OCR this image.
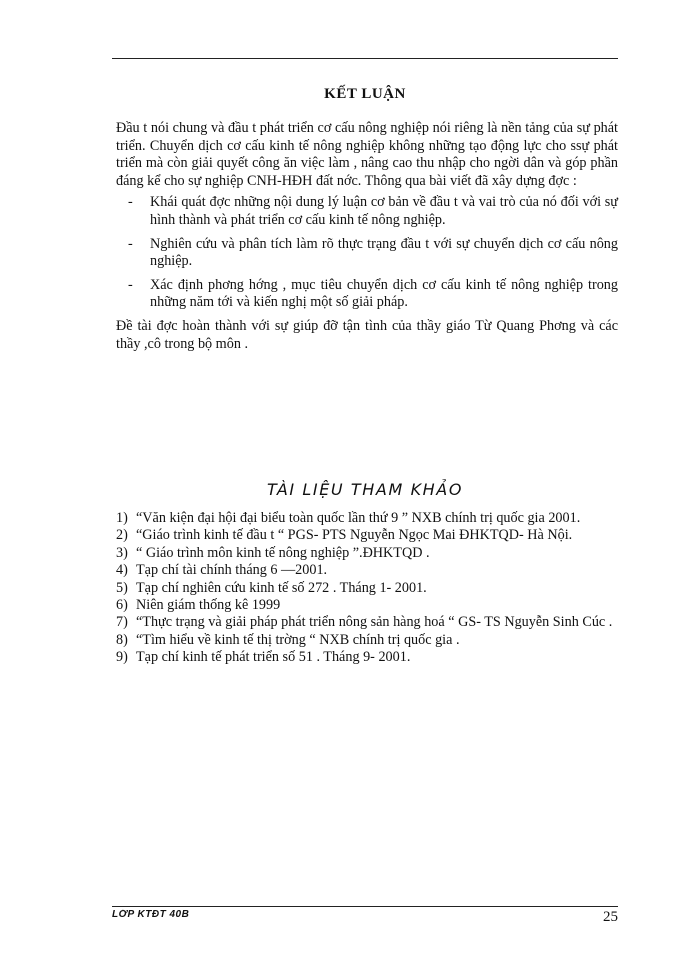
KẾT LUẬN

Đầu t nói chung và đầu t phát triển cơ cấu nông nghiệp nói riêng là nền tảng của sự phát triển. Chuyển dịch cơ cấu kinh tế nông nghiệp không những tạo động lực cho ssự phát triển mà còn giải quyết công ăn việc làm , nâng cao thu nhập cho ngời dân và góp phần đáng kể cho sự nghiệp CNH-HĐH đất nớc. Thông qua bài viết đã xây dựng đợc :

- Khái quát đợc những nội dung lý luận cơ bản về đầu t và vai trò của nó đối với sự hình thành và phát triển cơ cấu kinh tế nông nghiệp.
- Nghiên cứu và phân tích làm rõ thực trạng đầu t với sự chuyển dịch cơ cấu nông nghiệp.
- Xác định phơng hớng , mục tiêu chuyển dịch cơ cấu kinh tế nông nghiệp trong những năm tới và kiến nghị một số giải pháp.

Đề tài đợc hoàn thành với sự giúp đỡ tận tình của thầy giáo Từ Quang Phơng và các thầy ,cô trong bộ môn .

TÀI LIỆU THAM KHẢO
1) “Văn kiện đại hội đại biểu toàn quốc lần thứ 9 ” NXB chính trị quốc gia 2001.
2) “Giáo trình kinh tế đầu t “ PGS- PTS Nguyễn Ngọc Mai ĐHKTQD- Hà Nội.
3) “ Giáo trình môn kinh tế nông nghiệp ”.ĐHKTQD .
4) Tạp chí tài chính tháng 6 —2001.
5) Tạp chí nghiên cứu kinh tế số 272 . Tháng 1- 2001.
6) Niên giám thống kê 1999
7) “Thực trạng và giải pháp phát triển nông sản hàng hoá “ GS- TS Nguyễn Sinh Cúc .
8) “Tìm hiểu về kinh tế thị trờng “ NXB chính trị quốc gia .
9) Tạp chí kinh tế phát triển số 51 . Tháng 9- 2001.
LỚP KTĐT 40B	25
